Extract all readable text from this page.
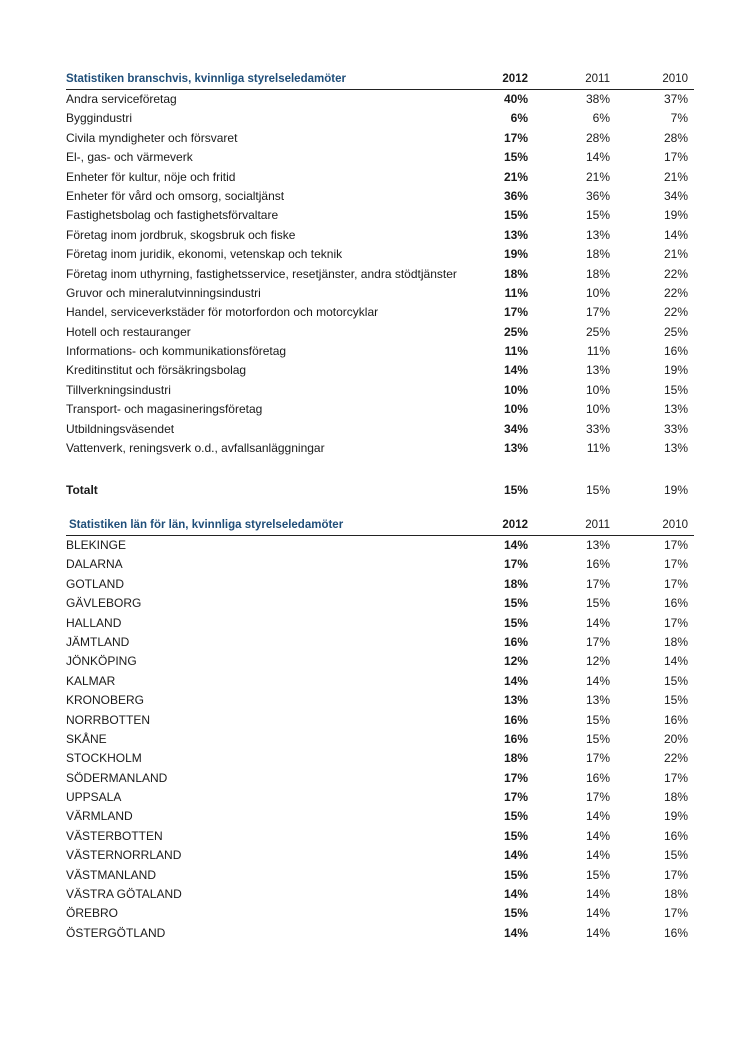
Statistiken branschvis, kvinnliga styrelseledamöter	2012	2011	2010
Andra serviceföretag	40%	38%	37%
Byggindustri	6%	6%	7%
Civila myndigheter och försvaret	17%	28%	28%
El-, gas- och värmeverk	15%	14%	17%
Enheter för kultur, nöje och fritid	21%	21%	21%
Enheter för vård och omsorg, socialtjänst	36%	36%	34%
Fastighetsbolag och fastighetsförvaltare	15%	15%	19%
Företag inom jordbruk, skogsbruk och fiske	13%	13%	14%
Företag inom juridik, ekonomi, vetenskap och teknik	19%	18%	21%
Företag inom uthyrning, fastighetsservice, resetjänster, andra stödtjänster	18%	18%	22%
Gruvor och mineralutvinningsindustri	11%	10%	22%
Handel, serviceverkstäder för motorfordon och motorcyklar	17%	17%	22%
Hotell och restauranger	25%	25%	25%
Informations- och kommunikationsföretag	11%	11%	16%
Kreditinstitut och försäkringsbolag	14%	13%	19%
Tillverkningsindustri	10%	10%	15%
Transport- och magasineringsföretag	10%	10%	13%
Utbildningsväsendet	34%	33%	33%
Vattenverk, reningsverk o.d., avfallsanläggningar	13%	11%	13%
Totalt	15%	15%	19%
Statistiken län för län, kvinnliga styrelseledamöter	2012	2011	2010
BLEKINGE	14%	13%	17%
DALARNA	17%	16%	17%
GOTLAND	18%	17%	17%
GÄVLEBORG	15%	15%	16%
HALLAND	15%	14%	17%
JÄMTLAND	16%	17%	18%
JÖNKÖPING	12%	12%	14%
KALMAR	14%	14%	15%
KRONOBERG	13%	13%	15%
NORRBOTTEN	16%	15%	16%
SKÅNE	16%	15%	20%
STOCKHOLM	18%	17%	22%
SÖDERMANLAND	17%	16%	17%
UPPSALA	17%	17%	18%
VÄRMLAND	15%	14%	19%
VÄSTERBOTTEN	15%	14%	16%
VÄSTERNORRLAND	14%	14%	15%
VÄSTMANLAND	15%	15%	17%
VÄSTRA GÖTALAND	14%	14%	18%
ÖREBRO	15%	14%	17%
ÖSTERGÖTLAND	14%	14%	16%
